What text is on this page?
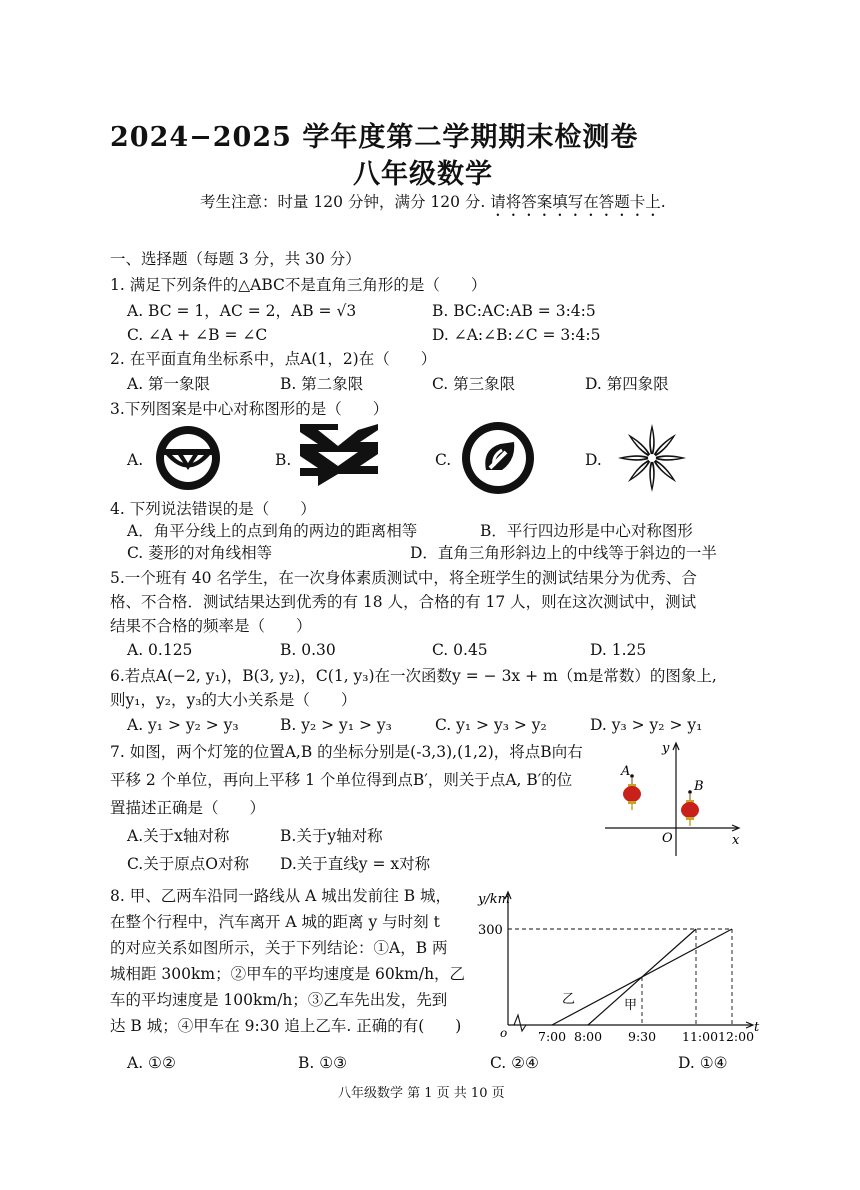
2024−2025 学年度第二学期期末检测卷
八年级数学
考生注意：时量 120 分钟，满分 120 分. 请将答案填写在答题卡上.
一、选择题（每题 3 分，共 30 分）
1. 满足下列条件的△ABC不是直角三角形的是（　　）
A. BC = 1，AC = 2，AB = √3	B. BC:AC:AB = 3:4:5
C. ∠A + ∠B = ∠C	D. ∠A:∠B:∠C = 3:4:5
2. 在平面直角坐标系中，点A(1，2)在（　　）
A. 第一象限	B. 第二象限	C. 第三象限	D. 第四象限
3.下列图案是中心对称图形的是（　　）
A.	B.	C.	D.
4. 下列说法错误的是（　　）
A．角平分线上的点到角的两边的距离相等	B．平行四边形是中心对称图形
C. 菱形的对角线相等	D．直角三角形斜边上的中线等于斜边的一半
5.一个班有 40 名学生，在一次身体素质测试中，将全班学生的测试结果分为优秀、合
格、不合格．测试结果达到优秀的有 18 人，合格的有 17 人，则在这次测试中，测试
结果不合格的频率是（　　）
A. 0.125	B. 0.30	C. 0.45	D. 1.25
6.若点A(−2, y₁)，B(3, y₂)，C(1, y₃)在一次函数y = − 3x + m（m是常数）的图象上,
则y₁，y₂，y₃的大小关系是（　　）
A. y₁ > y₂ > y₃	B. y₂ > y₁ > y₃	C. y₁ > y₃ > y₂	D. y₃ > y₂ > y₁
7. 如图，两个灯笼的位置A,B 的坐标分别是(-3,3),(1,2)，将点B向右
平移 2 个单位，再向上平移 1 个单位得到点B′，则关于点A, B′的位
置描述正确是（　　）
A.关于x轴对称	B.关于y轴对称
C.关于原点O对称 D.关于直线y = x对称
y
x
O
A
B
8. 甲、乙两车沿同一路线从 A 城出发前往 B 城，
在整个行程中，汽车离开 A 城的距离 y 与时刻 t
的对应关系如图所示，关于下列结论：①A，B 两
城相距 300km；②甲车的平均速度是 60km/h，乙
车的平均速度是 100km/h；③乙车先出发，先到
达 B 城；④甲车在 9:30 追上乙车. 正确的有(　　)
A. ①②	B. ①③	C. ②④	D. ①④
y/km
t
o
300
7:00 8:00 9:30 11:00 12:00
乙	甲
八年级数学 第 1 页 共 10 页
